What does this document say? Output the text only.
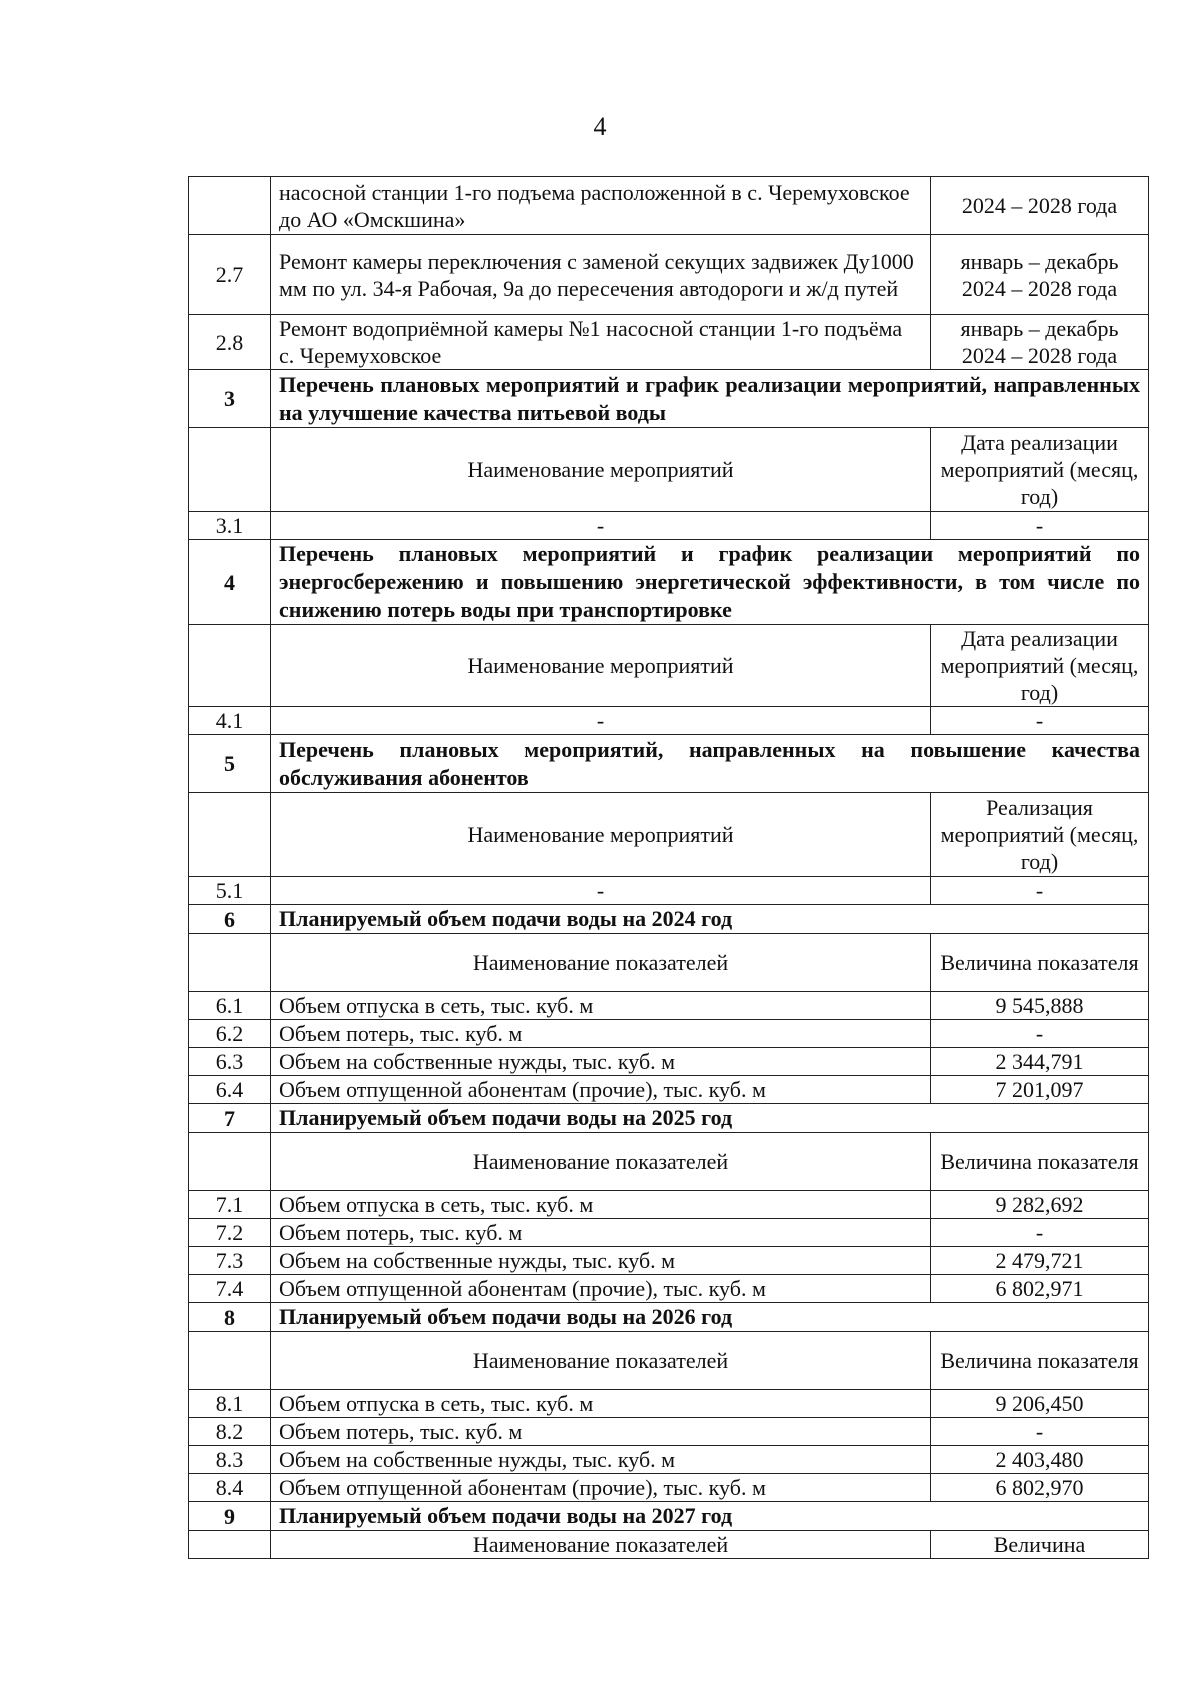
4
	насосной станции 1-го подъема расположенной в с. Черемуховское до АО «Омскшина»	2024 – 2028 года
2.7	Ремонт камеры переключения с заменой секущих задвижек Ду1000 мм по ул. 34-я Рабочая, 9а до пересечения автодороги и ж/д путей	январь – декабрь 2024 – 2028 года
2.8	Ремонт водоприёмной камеры №1 насосной станции 1-го подъёма с. Черемуховское	январь – декабрь 2024 – 2028 года
3	Перечень плановых мероприятий и график реализации мероприятий, направленных на улучшение качества питьевой воды	
	Наименование мероприятий	Дата реализации мероприятий (месяц, год)
3.1	-	-
4	Перечень плановых мероприятий и график реализации мероприятий по энергосбережению и повышению энергетической эффективности, в том числе по снижению потерь воды при транспортировке	
	Наименование мероприятий	Дата реализации мероприятий (месяц, год)
4.1	-	-
5	Перечень плановых мероприятий, направленных на повышение качества обслуживания абонентов	
	Наименование мероприятий	Реализация мероприятий (месяц, год)
5.1	-	-
6	Планируемый объем подачи воды на 2024 год	
	Наименование показателей	Величина показателя
6.1	Объем отпуска в сеть, тыс. куб. м	9 545,888
6.2	Объем потерь, тыс. куб. м	-
6.3	Объем на собственные нужды, тыс. куб. м	2 344,791
6.4	Объем отпущенной абонентам (прочие), тыс. куб. м	7 201,097
7	Планируемый объем подачи воды на 2025 год	
	Наименование показателей	Величина показателя
7.1	Объем отпуска в сеть, тыс. куб. м	9 282,692
7.2	Объем потерь, тыс. куб. м	-
7.3	Объем на собственные нужды, тыс. куб. м	2 479,721
7.4	Объем отпущенной абонентам (прочие), тыс. куб. м	6 802,971
8	Планируемый объем подачи воды на 2026 год	
	Наименование показателей	Величина показателя
8.1	Объем отпуска в сеть, тыс. куб. м	9 206,450
8.2	Объем потерь, тыс. куб. м	-
8.3	Объем на собственные нужды, тыс. куб. м	2 403,480
8.4	Объем отпущенной абонентам (прочие), тыс. куб. м	6 802,970
9	Планируемый объем подачи воды на 2027 год	
	Наименование показателей	Величина
